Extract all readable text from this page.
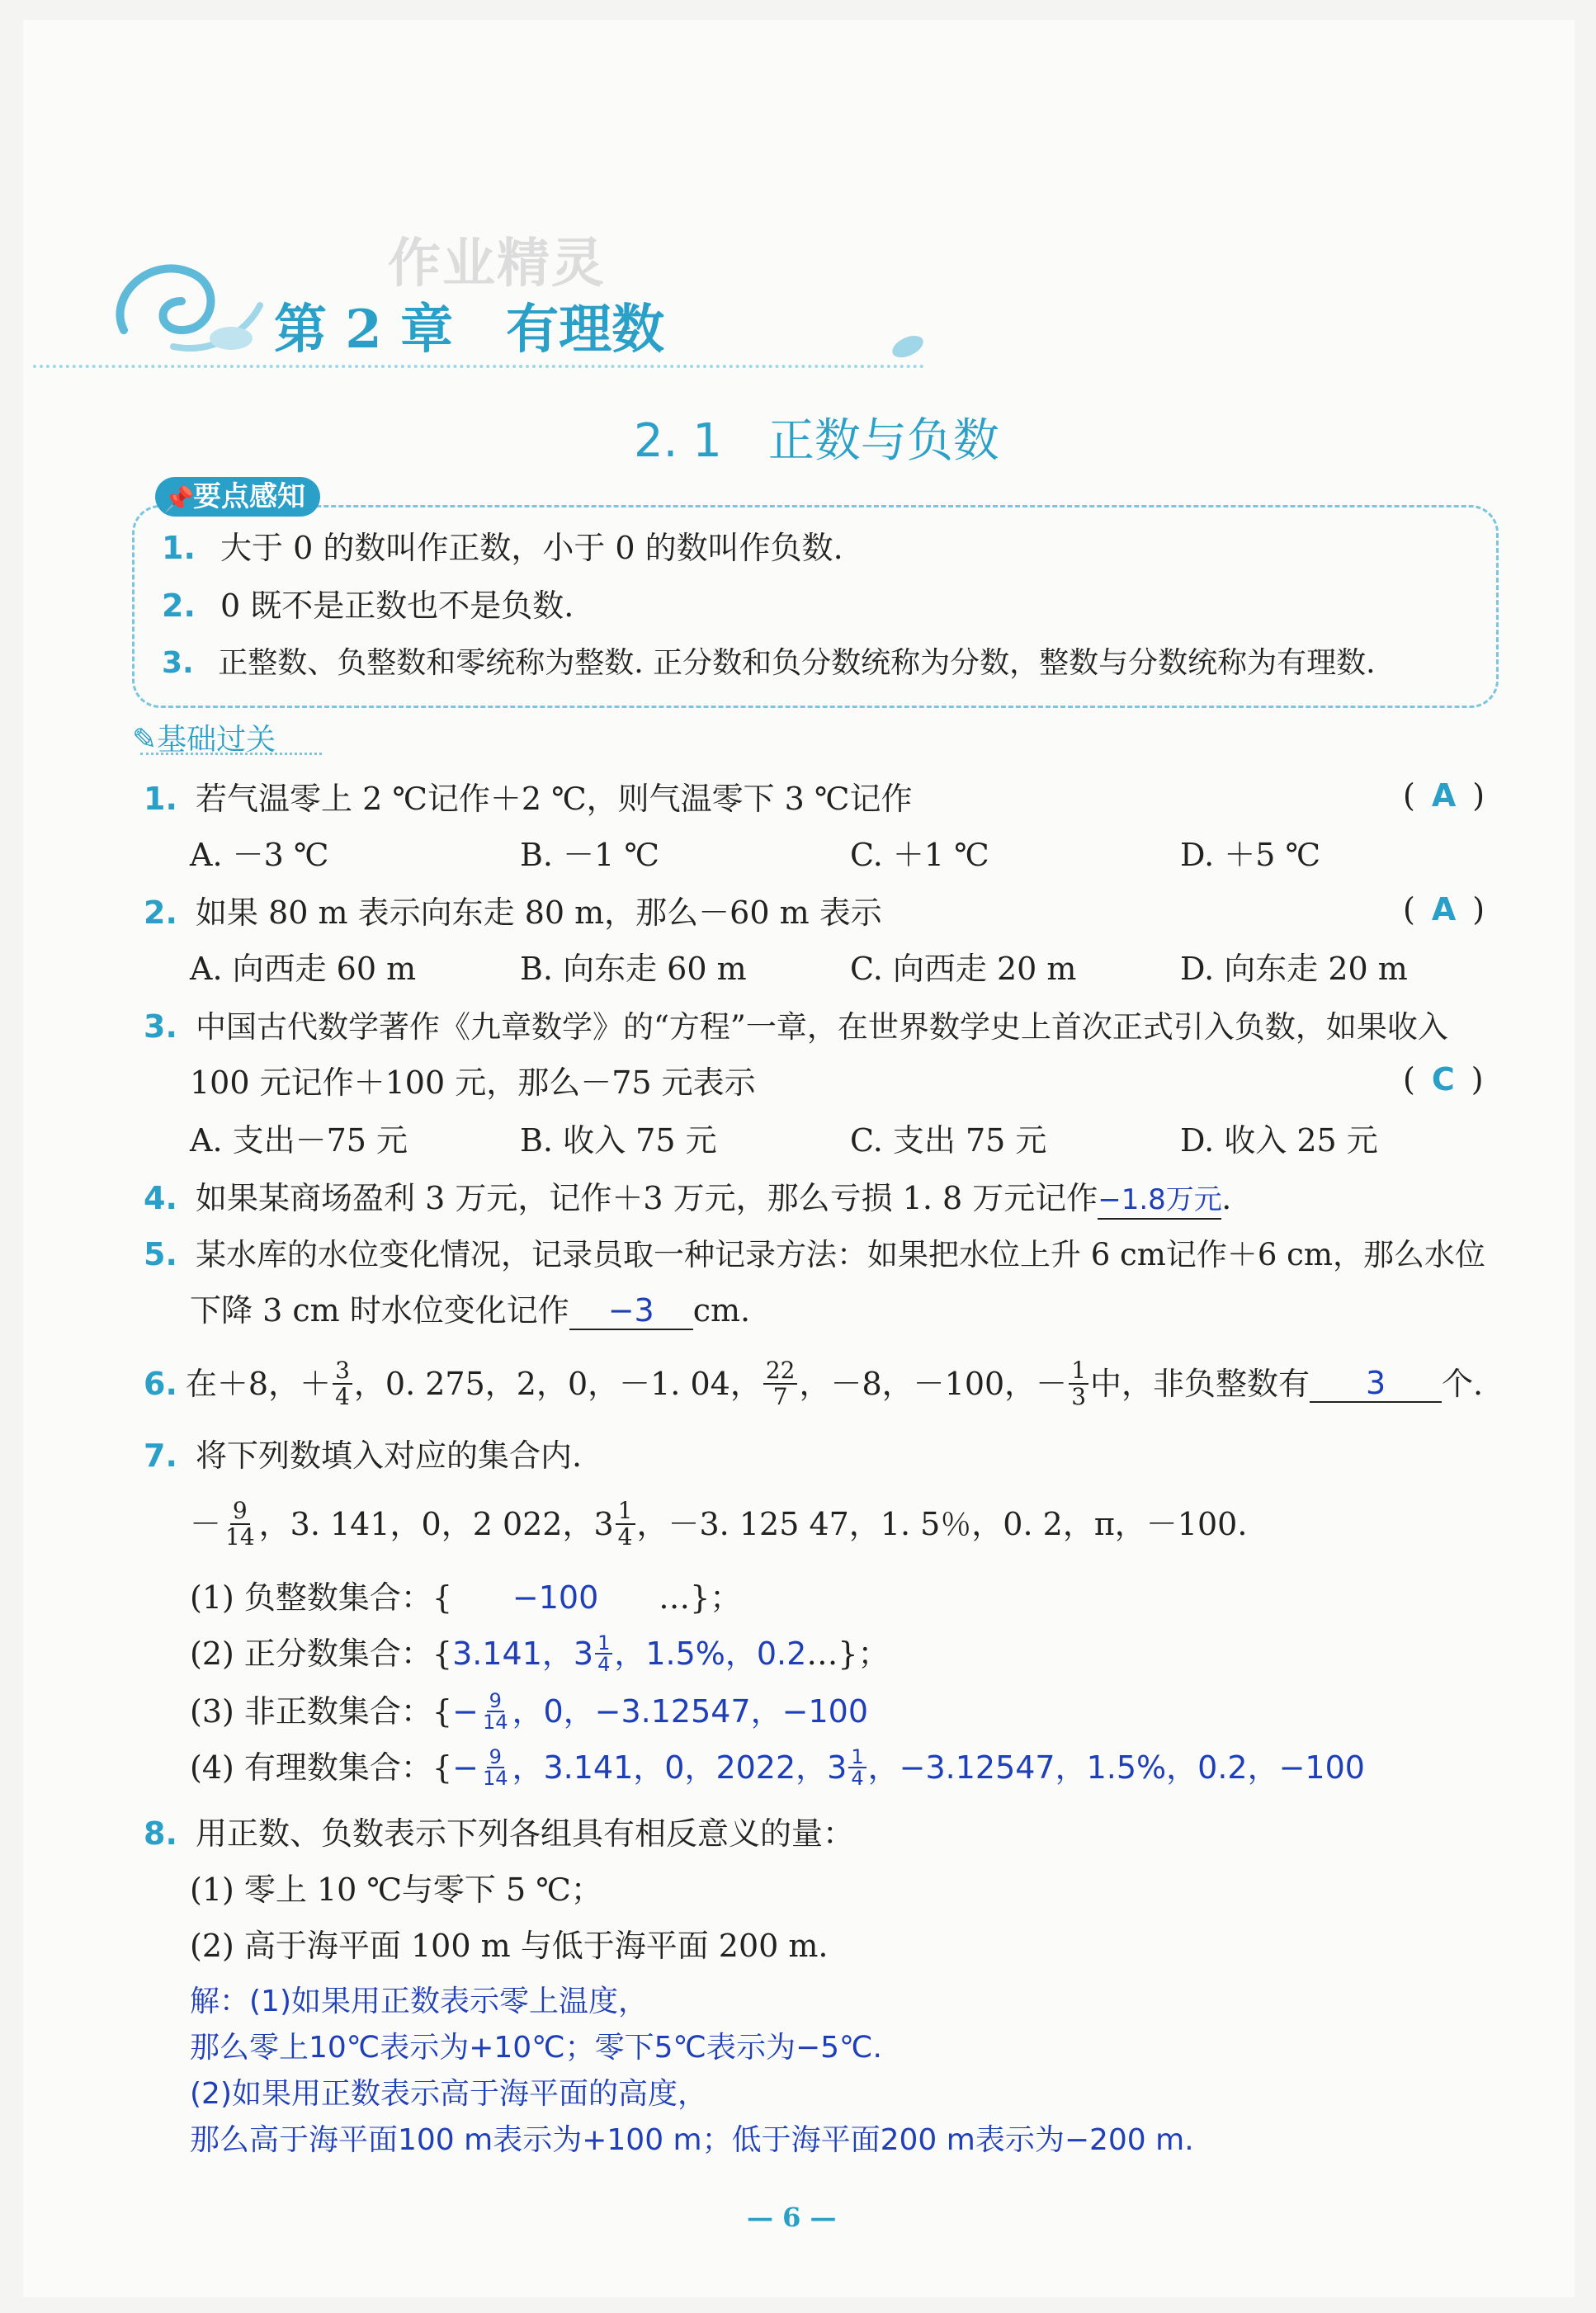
作业精灵
第 2 章　有理数
2. 1　正数与负数
📌
要点感知
1. 大于 0 的数叫作正数，小于 0 的数叫作负数.
2. 0 既不是正数也不是负数.
3. 正整数、负整数和零统称为整数. 正分数和负分数统称为分数，整数与分数统称为有理数.
✎基础过关
1. 若气温零上 2 ℃记作＋2 ℃，则气温零下 3 ℃记作	( A )
A. －3 ℃	B. －1 ℃	C. ＋1 ℃	D. ＋5 ℃
2. 如果 80 m 表示向东走 80 m，那么－60 m 表示	( A )
A. 向西走 60 m	B. 向东走 60 m	C. 向西走 20 m	D. 向东走 20 m
3. 中国古代数学著作《九章数学》的“方程”一章，在世界数学史上首次正式引入负数，如果收入
100 元记作＋100 元，那么－75 元表示	( C )
A. 支出－75 元	B. 收入 75 元	C. 支出 75 元	D. 收入 25 元
4. 如果某商场盈利 3 万元，记作＋3 万元，那么亏损 1. 8 万元记作−1.8万元.
5. 某水库的水位变化情况，记录员取一种记录方法：如果把水位上升 6 cm记作＋6 cm，那么水位
下降 3 cm 时水位变化记作 −3 cm.
6. 在＋8，＋ $\frac{3}{4}$ ，0. 275，2，0，－1. 04， $\frac{22}{7}$ ，－8，－100，－ $\frac{1}{3}$ 中，非负整数有	3	个.
7. 将下列数填入对应的集合内.
－ $\frac{9}{14}$ ，3. 141，0，2 022，$3 \frac{1}{4}$ ，－3. 125 47，1. 5％，0. 2，π，－100.
(1) 负整数集合：{ −100 …}；
(2) 正分数集合：{ 3.141，$3 \frac{1}{4}$ ，1.5%，0.2 …}；
(3) 非正数集合：{ − $\frac{9}{14}$ ，0，−3.12547，−100
(4) 有理数集合：{ − $\frac{9}{14}$ ，3.141，0，2022，$3 \frac{1}{4}$ ，−3.12547，1.5%，0.2，−100
8. 用正数、负数表示下列各组具有相反意义的量：
(1) 零上 10 ℃与零下 5 ℃；
(2) 高于海平面 100 m 与低于海平面 200 m.
解：(1)如果用正数表示零上温度，
那么零上10℃表示为+10℃；零下5℃表示为−5℃.
(2)如果用正数表示高于海平面的高度，
那么高于海平面100 m表示为+100 m；低于海平面200 m表示为−200 m.
— 6 —
